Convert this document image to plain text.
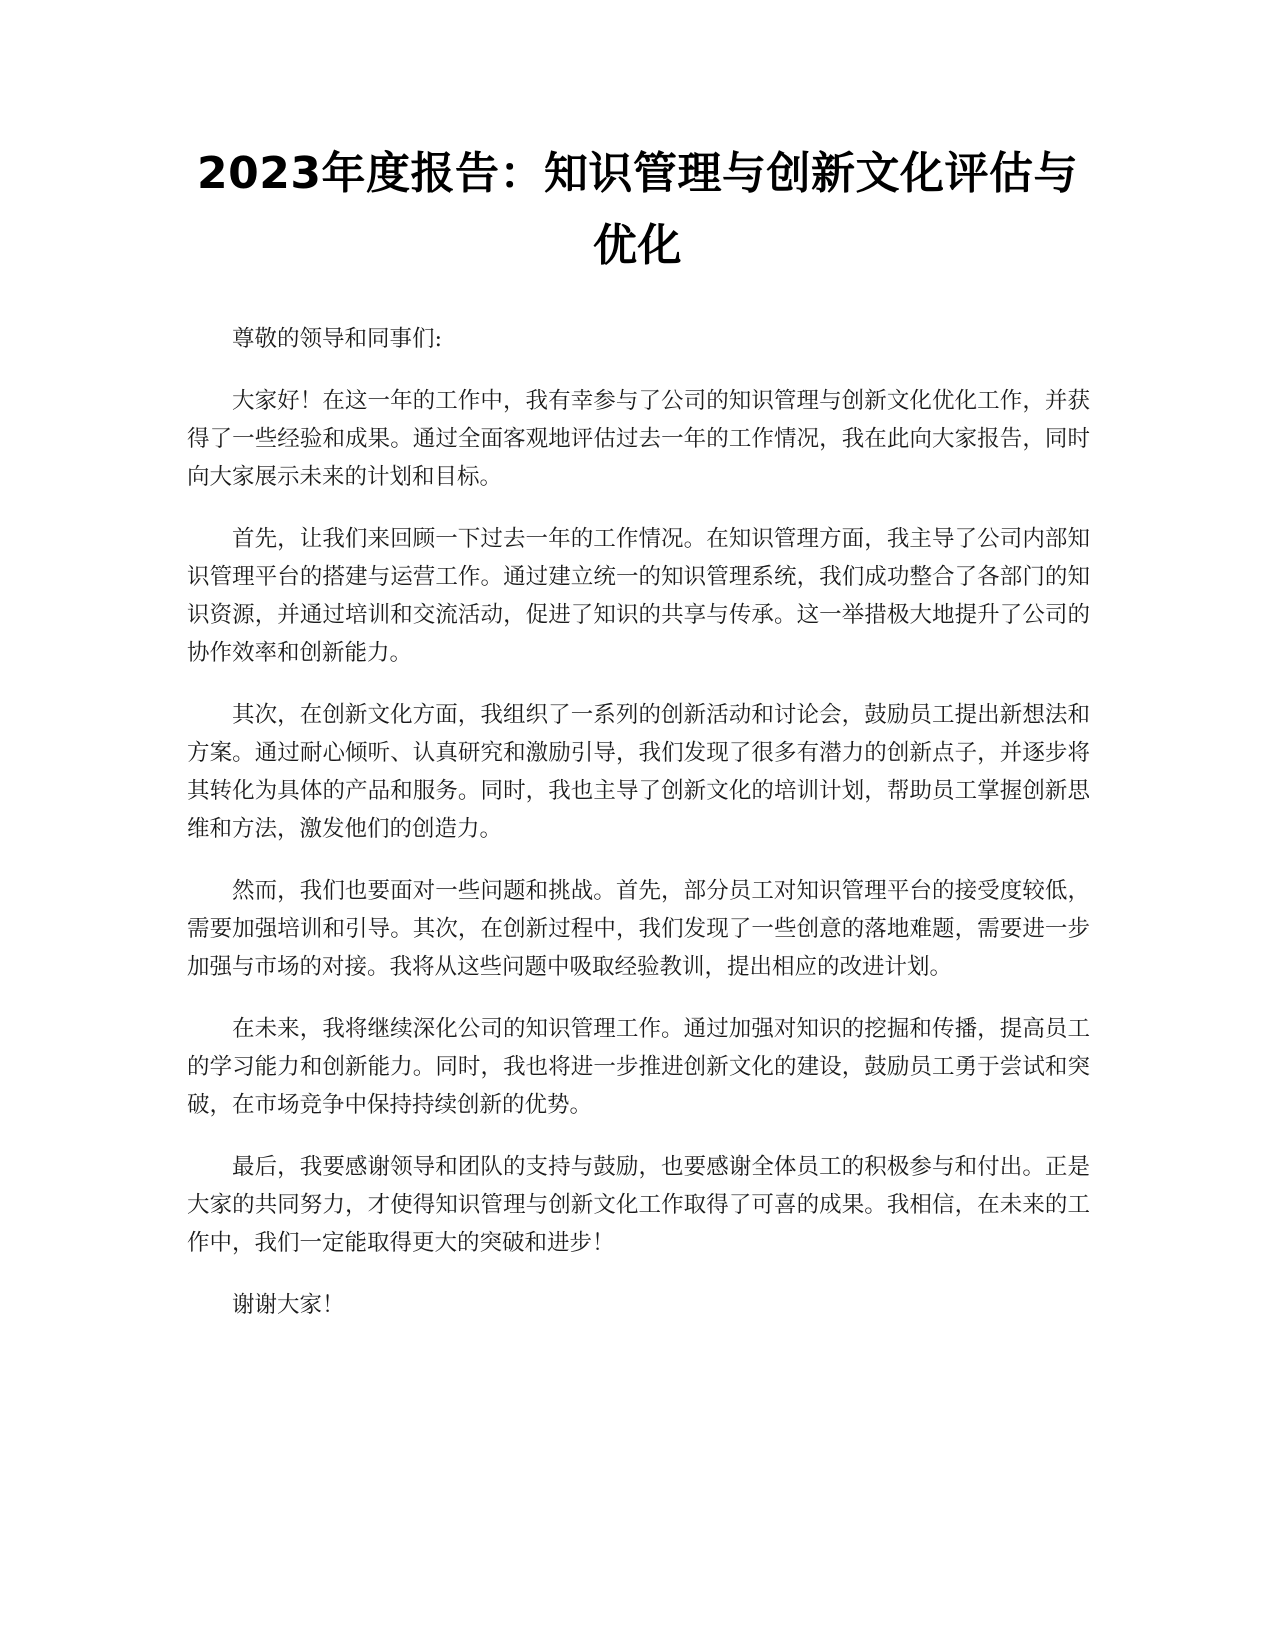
2023年度报告：知识管理与创新文化评估与
优化

尊敬的领导和同事们:

大家好！在这一年的工作中，我有幸参与了公司的知识管理与创新文化优化工作，并获得了一些经验和成果。通过全面客观地评估过去一年的工作情况，我在此向大家报告，同时向大家展示未来的计划和目标。

首先，让我们来回顾一下过去一年的工作情况。在知识管理方面，我主导了公司内部知识管理平台的搭建与运营工作。通过建立统一的知识管理系统，我们成功整合了各部门的知识资源，并通过培训和交流活动，促进了知识的共享与传承。这一举措极大地提升了公司的协作效率和创新能力。

其次，在创新文化方面，我组织了一系列的创新活动和讨论会，鼓励员工提出新想法和方案。通过耐心倾听、认真研究和激励引导，我们发现了很多有潜力的创新点子，并逐步将其转化为具体的产品和服务。同时，我也主导了创新文化的培训计划，帮助员工掌握创新思维和方法，激发他们的创造力。

然而，我们也要面对一些问题和挑战。首先，部分员工对知识管理平台的接受度较低，需要加强培训和引导。其次，在创新过程中，我们发现了一些创意的落地难题，需要进一步加强与市场的对接。我将从这些问题中吸取经验教训，提出相应的改进计划。

在未来，我将继续深化公司的知识管理工作。通过加强对知识的挖掘和传播，提高员工的学习能力和创新能力。同时，我也将进一步推进创新文化的建设，鼓励员工勇于尝试和突破，在市场竞争中保持持续创新的优势。

最后，我要感谢领导和团队的支持与鼓励，也要感谢全体员工的积极参与和付出。正是大家的共同努力，才使得知识管理与创新文化工作取得了可喜的成果。我相信，在未来的工作中，我们一定能取得更大的突破和进步！

谢谢大家！
